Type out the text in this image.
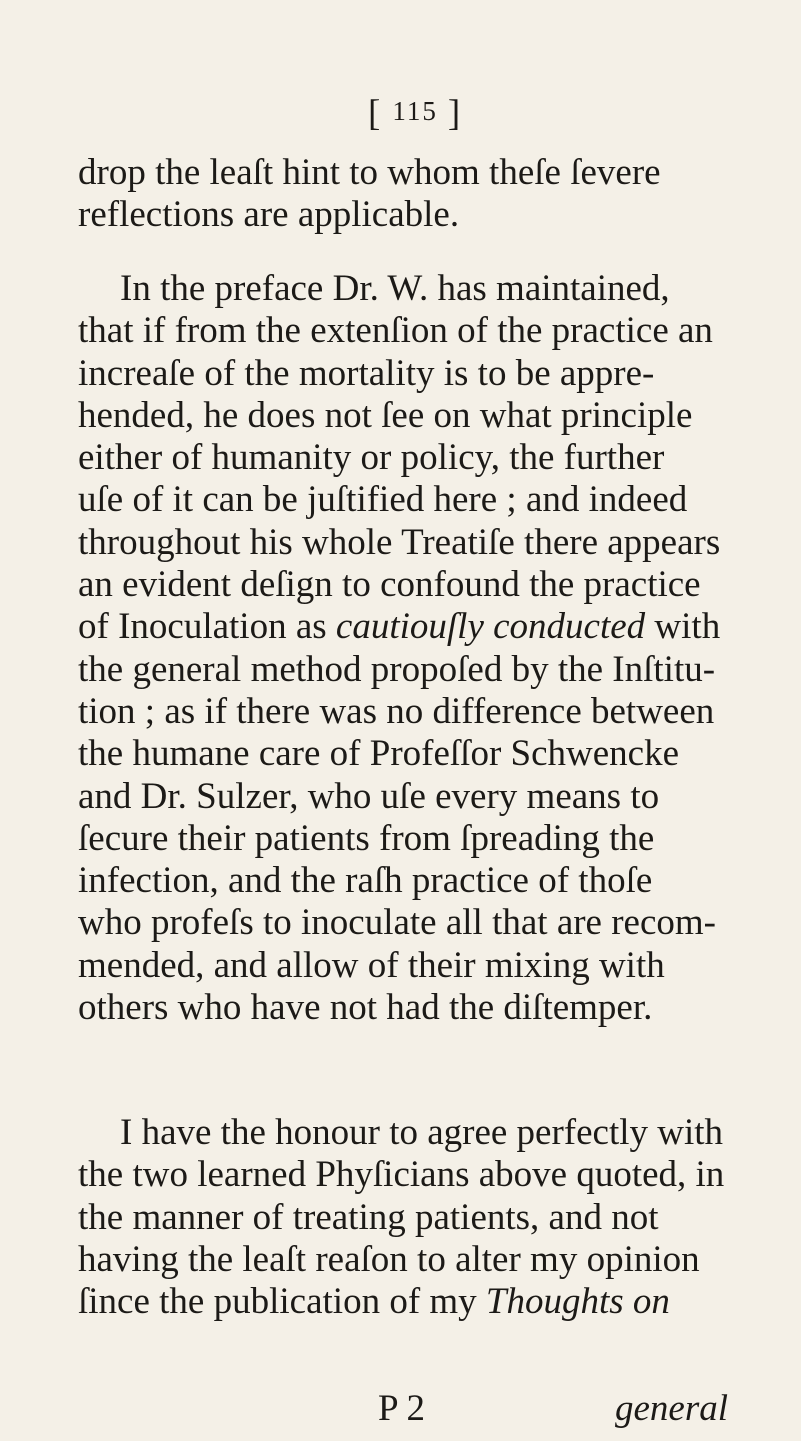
[ 115 ]
drop the leaſt hint to whom theſe ſevere
reflections are applicable.
In the preface Dr. W. has maintained,
that if from the extenſion of the practice an
increaſe of the mortality is to be appre-
hended, he does not ſee on what principle
either of humanity or policy, the further
uſe of it can be juſtified here ; and indeed
throughout his whole Treatiſe there appears
an evident deſign to confound the practice
of Inoculation as cautiouſly conducted with
the general method propoſed by the Inſtitu-
tion ; as if there was no difference between
the humane care of Profeſſor Schwencke
and Dr. Sulzer, who uſe every means to
ſecure their patients from ſpreading the
infection, and the raſh practice of thoſe
who profeſs to inoculate all that are recom-
mended, and allow of their mixing with
others who have not had the diſtemper.
I have the honour to agree perfectly with
the two learned Phyſicians above quoted, in
the manner of treating patients, and not
having the leaſt reaſon to alter my opinion
ſince the publication of my Thoughts on
P 2	general
